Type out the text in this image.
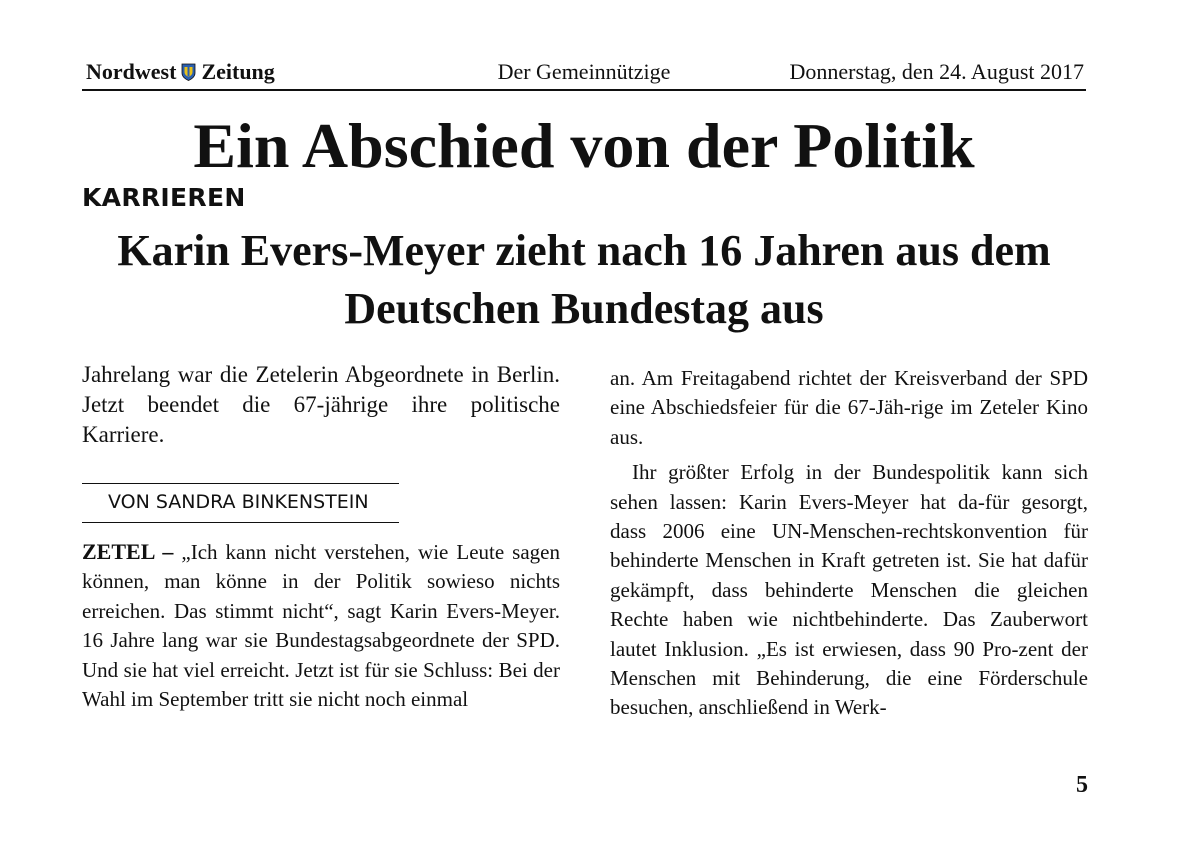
Nordwest Zeitung	Der Gemeinnützige	Donnerstag, den 24. August 2017
Ein Abschied von der Politik
KARRIEREN
Karin Evers-Meyer zieht nach 16 Jahren aus dem Deutschen Bundestag aus

Jahrelang war die Zetelerin Abgeordnete in Berlin. Jetzt beendet die 67-jährige ihre politische Karriere.

VON SANDRA BINKENSTEIN

ZETEL – „Ich kann nicht verstehen, wie Leute sagen können, man könne in der Politik sowieso nichts erreichen. Das stimmt nicht“, sagt Karin Evers-Meyer. 16 Jahre lang war sie Bundestagsabgeordnete der SPD. Und sie hat viel erreicht. Jetzt ist für sie Schluss: Bei der Wahl im September tritt sie nicht noch einmal

an. Am Freitagabend richtet der Kreisverband der SPD eine Abschiedsfeier für die 67-Jäh-rige im Zeteler Kino aus.

Ihr größter Erfolg in der Bundespolitik kann sich sehen lassen: Karin Evers-Meyer hat da-für gesorgt, dass 2006 eine UN-Menschen-rechtskonvention für behinderte Menschen in Kraft getreten ist. Sie hat dafür gekämpft, dass behinderte Menschen die gleichen Rechte haben wie nichtbehinderte. Das Zauberwort lautet Inklusion. „Es ist erwiesen, dass 90 Pro-zent der Menschen mit Behinderung, die eine Förderschule besuchen, anschließend in Werk-

5
